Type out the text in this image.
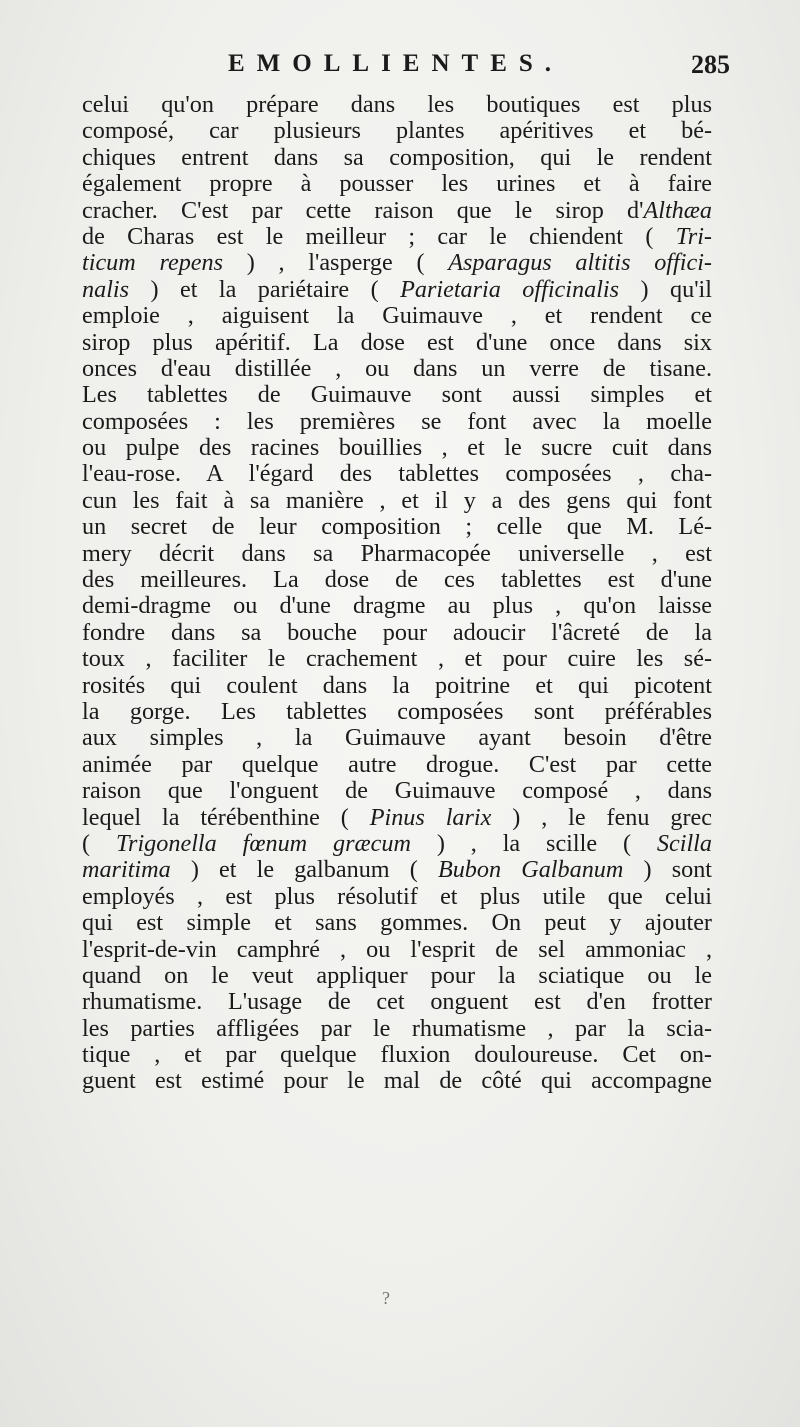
EMOLLIENTES.	285
celui qu'on prépare dans les boutiques est plus
composé, car plusieurs plantes apéritives et bé-
chiques entrent dans sa composition, qui le rendent
également propre à pousser les urines et à faire
cracher. C'est par cette raison que le sirop d'Althæa
de Charas est le meilleur ; car le chiendent ( Tri-
ticum repens ) , l'asperge ( Asparagus altitis offici-
nalis ) et la pariétaire ( Parietaria officinalis ) qu'il
emploie , aiguisent la Guimauve , et rendent ce
sirop plus apéritif. La dose est d'une once dans six
onces d'eau distillée , ou dans un verre de tisane.
Les tablettes de Guimauve sont aussi simples et
composées : les premières se font avec la moelle
ou pulpe des racines bouillies , et le sucre cuit dans
l'eau-rose. A l'égard des tablettes composées , cha-
cun les fait à sa manière , et il y a des gens qui font
un secret de leur composition ; celle que M. Lé-
mery décrit dans sa Pharmacopée universelle , est
des meilleures. La dose de ces tablettes est d'une
demi-dragme ou d'une dragme au plus , qu'on laisse
fondre dans sa bouche pour adoucir l'âcreté de la
toux , faciliter le crachement , et pour cuire les sé-
rosités qui coulent dans la poitrine et qui picotent
la gorge. Les tablettes composées sont préférables
aux simples , la Guimauve ayant besoin d'être
animée par quelque autre drogue. C'est par cette
raison que l'onguent de Guimauve composé , dans
lequel la térébenthine ( Pinus larix ) , le fenu grec
( Trigonella fœnum græcum ) , la scille ( Scilla
maritima ) et le galbanum ( Bubon Galbanum ) sont
employés , est plus résolutif et plus utile que celui
qui est simple et sans gommes. On peut y ajouter
l'esprit-de-vin camphré , ou l'esprit de sel ammoniac ,
quand on le veut appliquer pour la sciatique ou le
rhumatisme. L'usage de cet onguent est d'en frotter
les parties affligées par le rhumatisme , par la scia-
tique , et par quelque fluxion douloureuse. Cet on-
guent est estimé pour le mal de côté qui accompagne
?
